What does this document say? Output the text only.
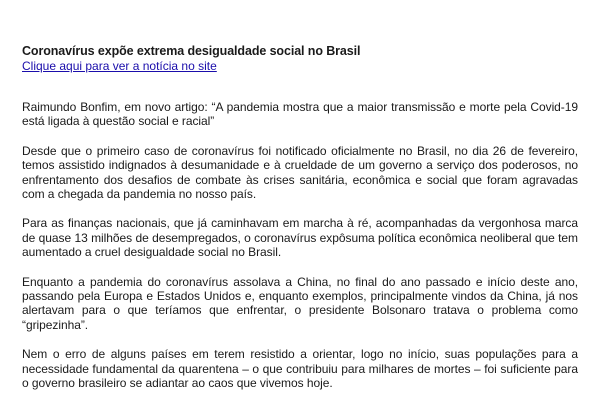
Coronavírus expõe extrema desigualdade social no Brasil
Clique aqui para ver a notícia no site

Raimundo Bonfim, em novo artigo: “A pandemia mostra que a maior transmissão e morte pela Covid-19 está ligada à questão social e racial”

Desde que o primeiro caso de coronavírus foi notificado oficialmente no Brasil, no dia 26 de fevereiro, temos assistido indignados à desumanidade e à crueldade de um governo a serviço dos poderosos, no enfrentamento dos desafios de combate às crises sanitária, econômica e social que foram agravadas com a chegada da pandemia no nosso país.

Para as finanças nacionais, que já caminhavam em marcha à ré, acompanhadas da vergonhosa marca de quase 13 milhões de desempregados, o coronavírus expôsuma política econômica neoliberal que tem aumentado a cruel desigualdade social no Brasil.

Enquanto a pandemia do coronavírus assolava a China, no final do ano passado e início deste ano, passando pela Europa e Estados Unidos e, enquanto exemplos, principalmente vindos da China, já nos alertavam para o que teríamos que enfrentar, o presidente Bolsonaro tratava o problema como “gripezinha”.

Nem o erro de alguns países em terem resistido a orientar, logo no início, suas populações para a necessidade fundamental da quarentena – o que contribuiu para milhares de mortes – foi suficiente para o governo brasileiro se adiantar ao caos que vivemos hoje.
